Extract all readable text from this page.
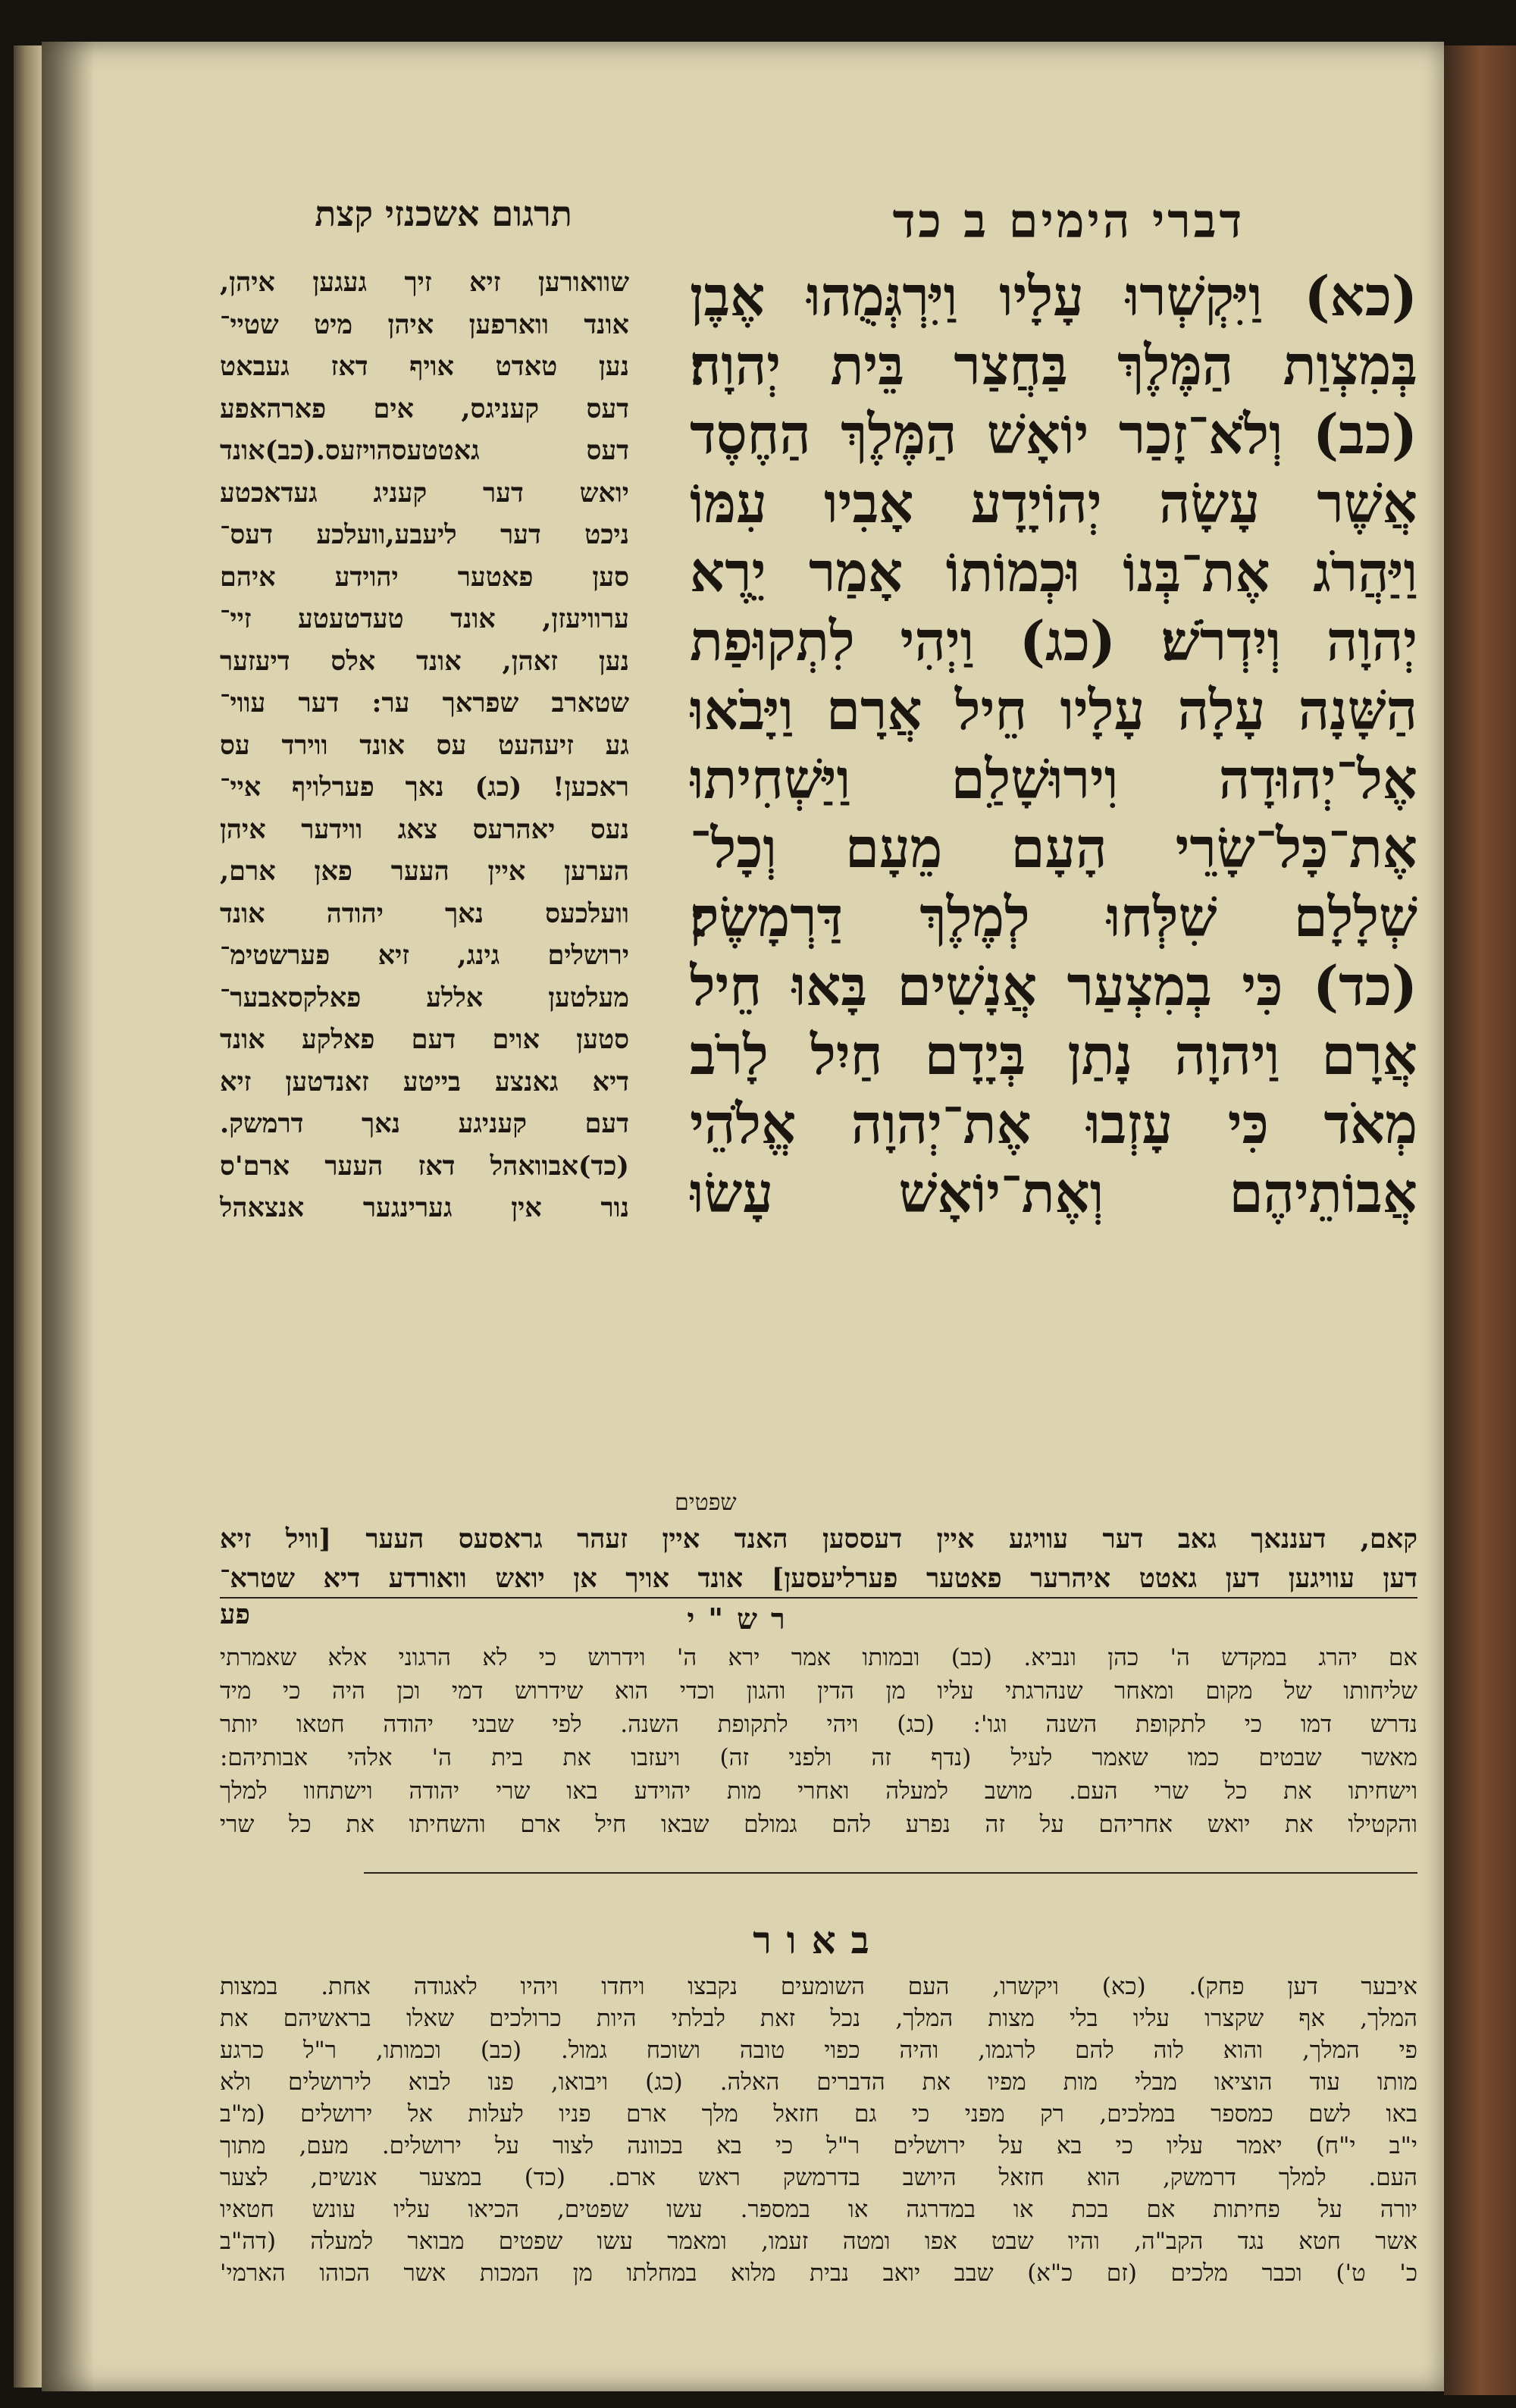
דברי הימים ב כד
תרגום אשכנזי קצת
(כא) וַיִּקְשְׁרוּ עָלָיו וַיִּרְגְּמֻהוּ אֶבֶן
בְּמִצְוַת הַמֶּלֶךְ בַּחֲצַר בֵּית יְהוָה׃
(כב) וְלֹא־זָכַר יוֹאָשׁ הַמֶּלֶךְ הַחֶסֶד
אֲשֶׁר עָשָׂה יְהוֹיָדָע אָבִיו עִמּוֹ
וַיַּהֲרֹג אֶת־בְּנוֹ וּכְמוֹתוֹ אָמַר יֵרֶא
יְהוָה וְיִדְרֹשׁ׃ (כג) וַיְהִי לִתְקוּפַת
הַשָּׁנָה עָלָה עָלָיו חֵיל אֲרָם וַיָּבֹאוּ
אֶל־יְהוּדָה וִירוּשָׁלִַם וַיַּשְׁחִיתוּ
אֶת־כָּל־שָׂרֵי הָעָם מֵעָם וְכָל־
שְׁלָלָם שִׁלְּחוּ לְמֶלֶךְ דַּרְמָשֶׂק׃
(כד) כִּי בְמִצְעַר אֲנָשִׁים בָּאוּ חֵיל
אֲרָם וַיהוָה נָתַן בְּיָדָם חַיִל לָרֹב
מְאֹד כִּי עָזְבוּ אֶת־יְהוָה אֱלֹהֵי
אֲבוֹתֵיהֶם וְאֶת־יוֹאָשׁ עָשׂוּ
שפטים
שוואורען זיא זיך געגען איהן,
אונד ווארפען איהן מיט שטיי־
נען טאדט אויף דאז געבאט
דעס קעניגס, אים פארהאפע
דעס גאטטעסהויזעס.(כב)אונד
יואש דער קעניג געדאכטע
ניכט דער ליעבע,וועלכע דעס־
סען פאטער יהוידע איהם
ערוויעזן, אונד טעדטעטע זיי־
נען זאהן, אונד אלס דיעזער
שטארב שפראך ער: דער עווי־
גע זיעהעט עס אונד ווירד עס
ראכען! (כג) נאך פערלויף איי־
נעס יאהרעס צאג ווידער איהן
הערען איין העער פאן ארם,
וועלכעס נאך יהודה אונד
ירושלים גינג, זיא פערשטימ־
מעלטען אללע פאלקסאבער־
סטען אוים דעם פאלקע אונד
דיא גאנצע בייטע זאנדטען זיא
דעם קעניגע נאך דרמשק.
(כד)אבוואהל דאז העער ארם'ס
נור אין גערינגער אנצאהל
קאם, דעננאך גאב דער עוויגע איין דעססען האנד איין זעהר גראסעס העער [וויל זיא
דען עוויגען דען גאטט איהרער פאטער פערליעסען] אונד אויך אן יואש וואורדע דיא שטרא־
פע	רש"י
אם יהרג במקדש ה' כהן ונביא. (כב) ובמותו אמר ירא ה' וידרוש כי לא הרגוני אלא שאמרתי
שליחותו של מקום ומאחר שנהרגתי עליו מן הדין והגון וכדי הוא שידרוש דמי וכן היה כי מיד
נדרש דמו כי לתקופת השנה וגו': (כג) ויהי לתקופת השנה. לפי שבני יהודה חטאו יותר
מאשר שבטים כמו שאמר לעיל (נדף זה ולפני זה) ויעזבו את בית ה' אלהי אבותיהם:
וישחיתו את כל שרי העם. מושב למעלה ואחרי מות יהוידע באו שרי יהודה וישתחוו למלך
והקטילו את יואש אחריהם על זה נפרע להם גמולם שבאו חיל ארם והשחיתו את כל שרי
באור
איבער דען פחק). (כא) ויקשרו, העם השומעים נקבצו ויחדו ויהיו לאגודה אחת. במצות
המלך, אף שקצרו עליו בלי מצות המלך, נכל זאת לבלתי היות כרולכים שאלו בראשיהם את
פי המלך, והוא לוה להם לרגמו, והיה כפוי טובה ושוכח גמול. (כב) וכמותו, ר"ל כרגע
מותו עוד הוציאו מבלי מות מפיו את הדברים האלה. (כג) ויבואו, פנו לבוא לירושלים ולא
באו לשם כמספר במלכים, רק מפני כי גם חזאל מלך ארם פניו לעלות אל ירושלים (מ"ב
י"ב י"ח) יאמר עליו כי בא על ירושלים ר"ל כי בא בכוונה לצור על ירושלים. מעם, מתוך
העם. למלך דרמשק, הוא חזאל היושב בדרמשק ראש ארם. (כד) במצער אנשים, לצער
יורה על פחיתות אם בכת או במדרגה או במספר. עשו שפטים, הכיאו עליו עונש חטאיו
אשר חטא נגד הקב"ה, והיו שבט אפו ומטה זעמו, ומאמר עשו שפטים מבואר למעלה (דה"ב
כ' ט') וכבר מלכים (זם כ"א) שבב יואב נבית מלוא במחלתו מן המכות אשר הכוהו הארמי'
